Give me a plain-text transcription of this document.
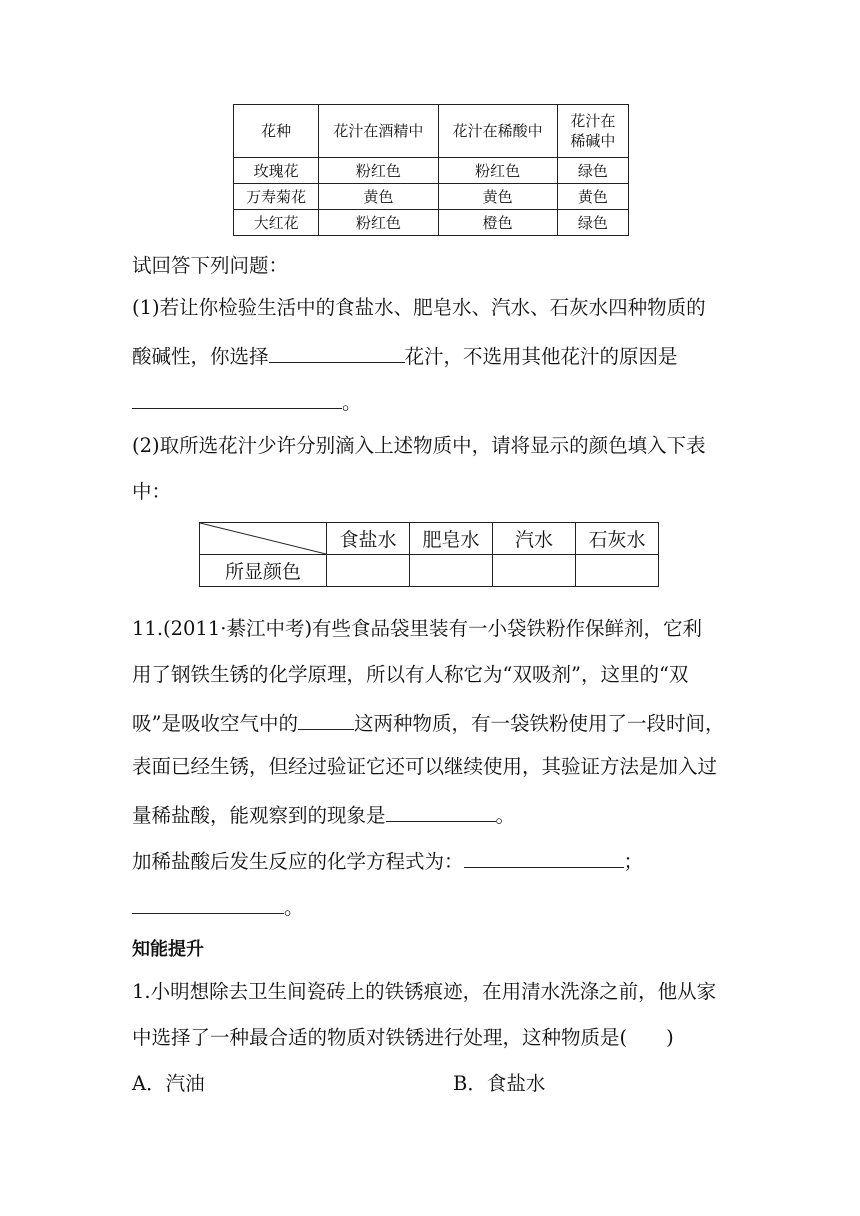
花种	花汁在酒精中	花汁在稀酸中	花汁在
稀碱中

玫瑰花	粉红色	粉红色	绿色
万寿菊花	黄色	黄色	黄色
大红花	粉红色	橙色	绿色
试回答下列问题：
(1)若让你检验生活中的食盐水、肥皂水、汽水、石灰水四种物质的
酸碱性，你选择	花汁，不选用其他花汁的原因是
。
(2)取所选花汁少许分别滴入上述物质中，请将显示的颜色填入下表
中：
	食盐水	肥皂水	汽水	石灰水
所显颜色				
11.(2011·綦江中考)有些食品袋里装有一小袋铁粉作保鲜剂，它利
用了钢铁生锈的化学原理，所以有人称它为“双吸剂”，这里的“双
吸”是吸收空气中的	这两种物质，有一袋铁粉使用了一段时间，
表面已经生锈，但经过验证它还可以继续使用，其验证方法是加入过
量稀盐酸，能观察到的现象是	。
加稀盐酸后发生反应的化学方程式为：	；
。
知能提升
1.小明想除去卫生间瓷砖上的铁锈痕迹，在用清水洗涤之前，他从家
中选择了一种最合适的物质对铁锈进行处理，这种物质是(　　)
A．汽油	B．食盐水
